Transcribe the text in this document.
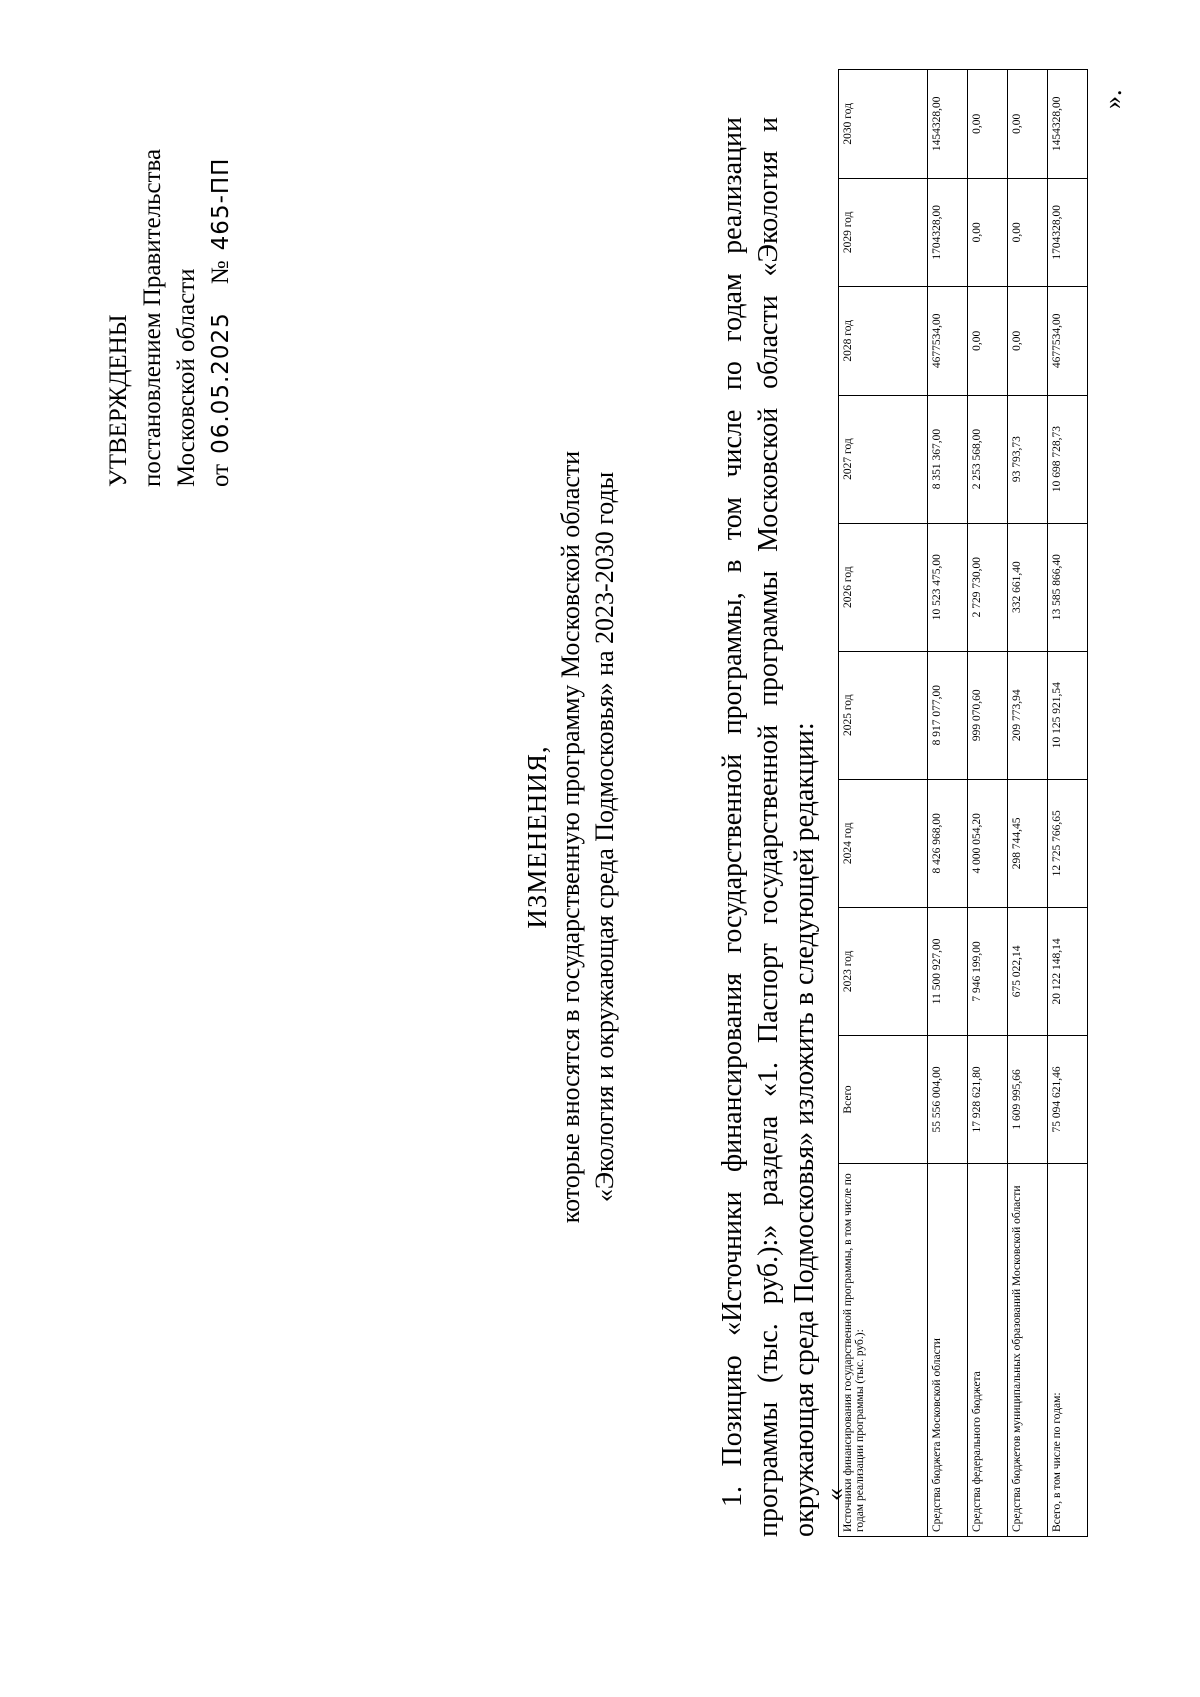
УТВЕРЖДЕНЫ постановлением Правительства Московской области от
06.05.2025
№
465-ПП
ИЗМЕНЕНИЯ, которые вносятся в государственную программу Московской области «Экология и окружающая среда Подмосковья» на 2023-2030 годы	1. Позицию «Источники финансирования государственной программы, в том числе по годам реализации программы (тыс. руб.):» раздела «1. Паспорт государственной программы Московской области «Экология и окружающая среда Подмосковья» изложить в следующей редакции: «
Источники финансирования государственной программы, в том числе по годам реализации программы (тыс. руб.):	Всего	2023 год	2024 год	2025 год	2026 год	2027 год	2028 год	2029 год	2030 год
Средства бюджета Московской области	55 556 004,00	11 500 927,00	8 426 968,00	8 917 077,00	10 523 475,00	8 351 367,00	4677534,00	1704328,00	1454328,00
Средства федерального бюджета	17 928 621,80	7 946 199,00	4 000 054,20	999 070,60	2 729 730,00	2 253 568,00	0,00	0,00	0,00
Средства бюджетов муниципальных образований Московской области	1 609 995,66	675 022,14	298 744,45	209 773,94	332 661,40	93 793,73	0,00	0,00	0,00
Всего, в том числе по годам:	75 094 621,46	20 122 148,14	12 725 766,65	10 125 921,54	13 585 866,40	10 698 728,73	4677534,00	1704328,00	1454328,00 ».
